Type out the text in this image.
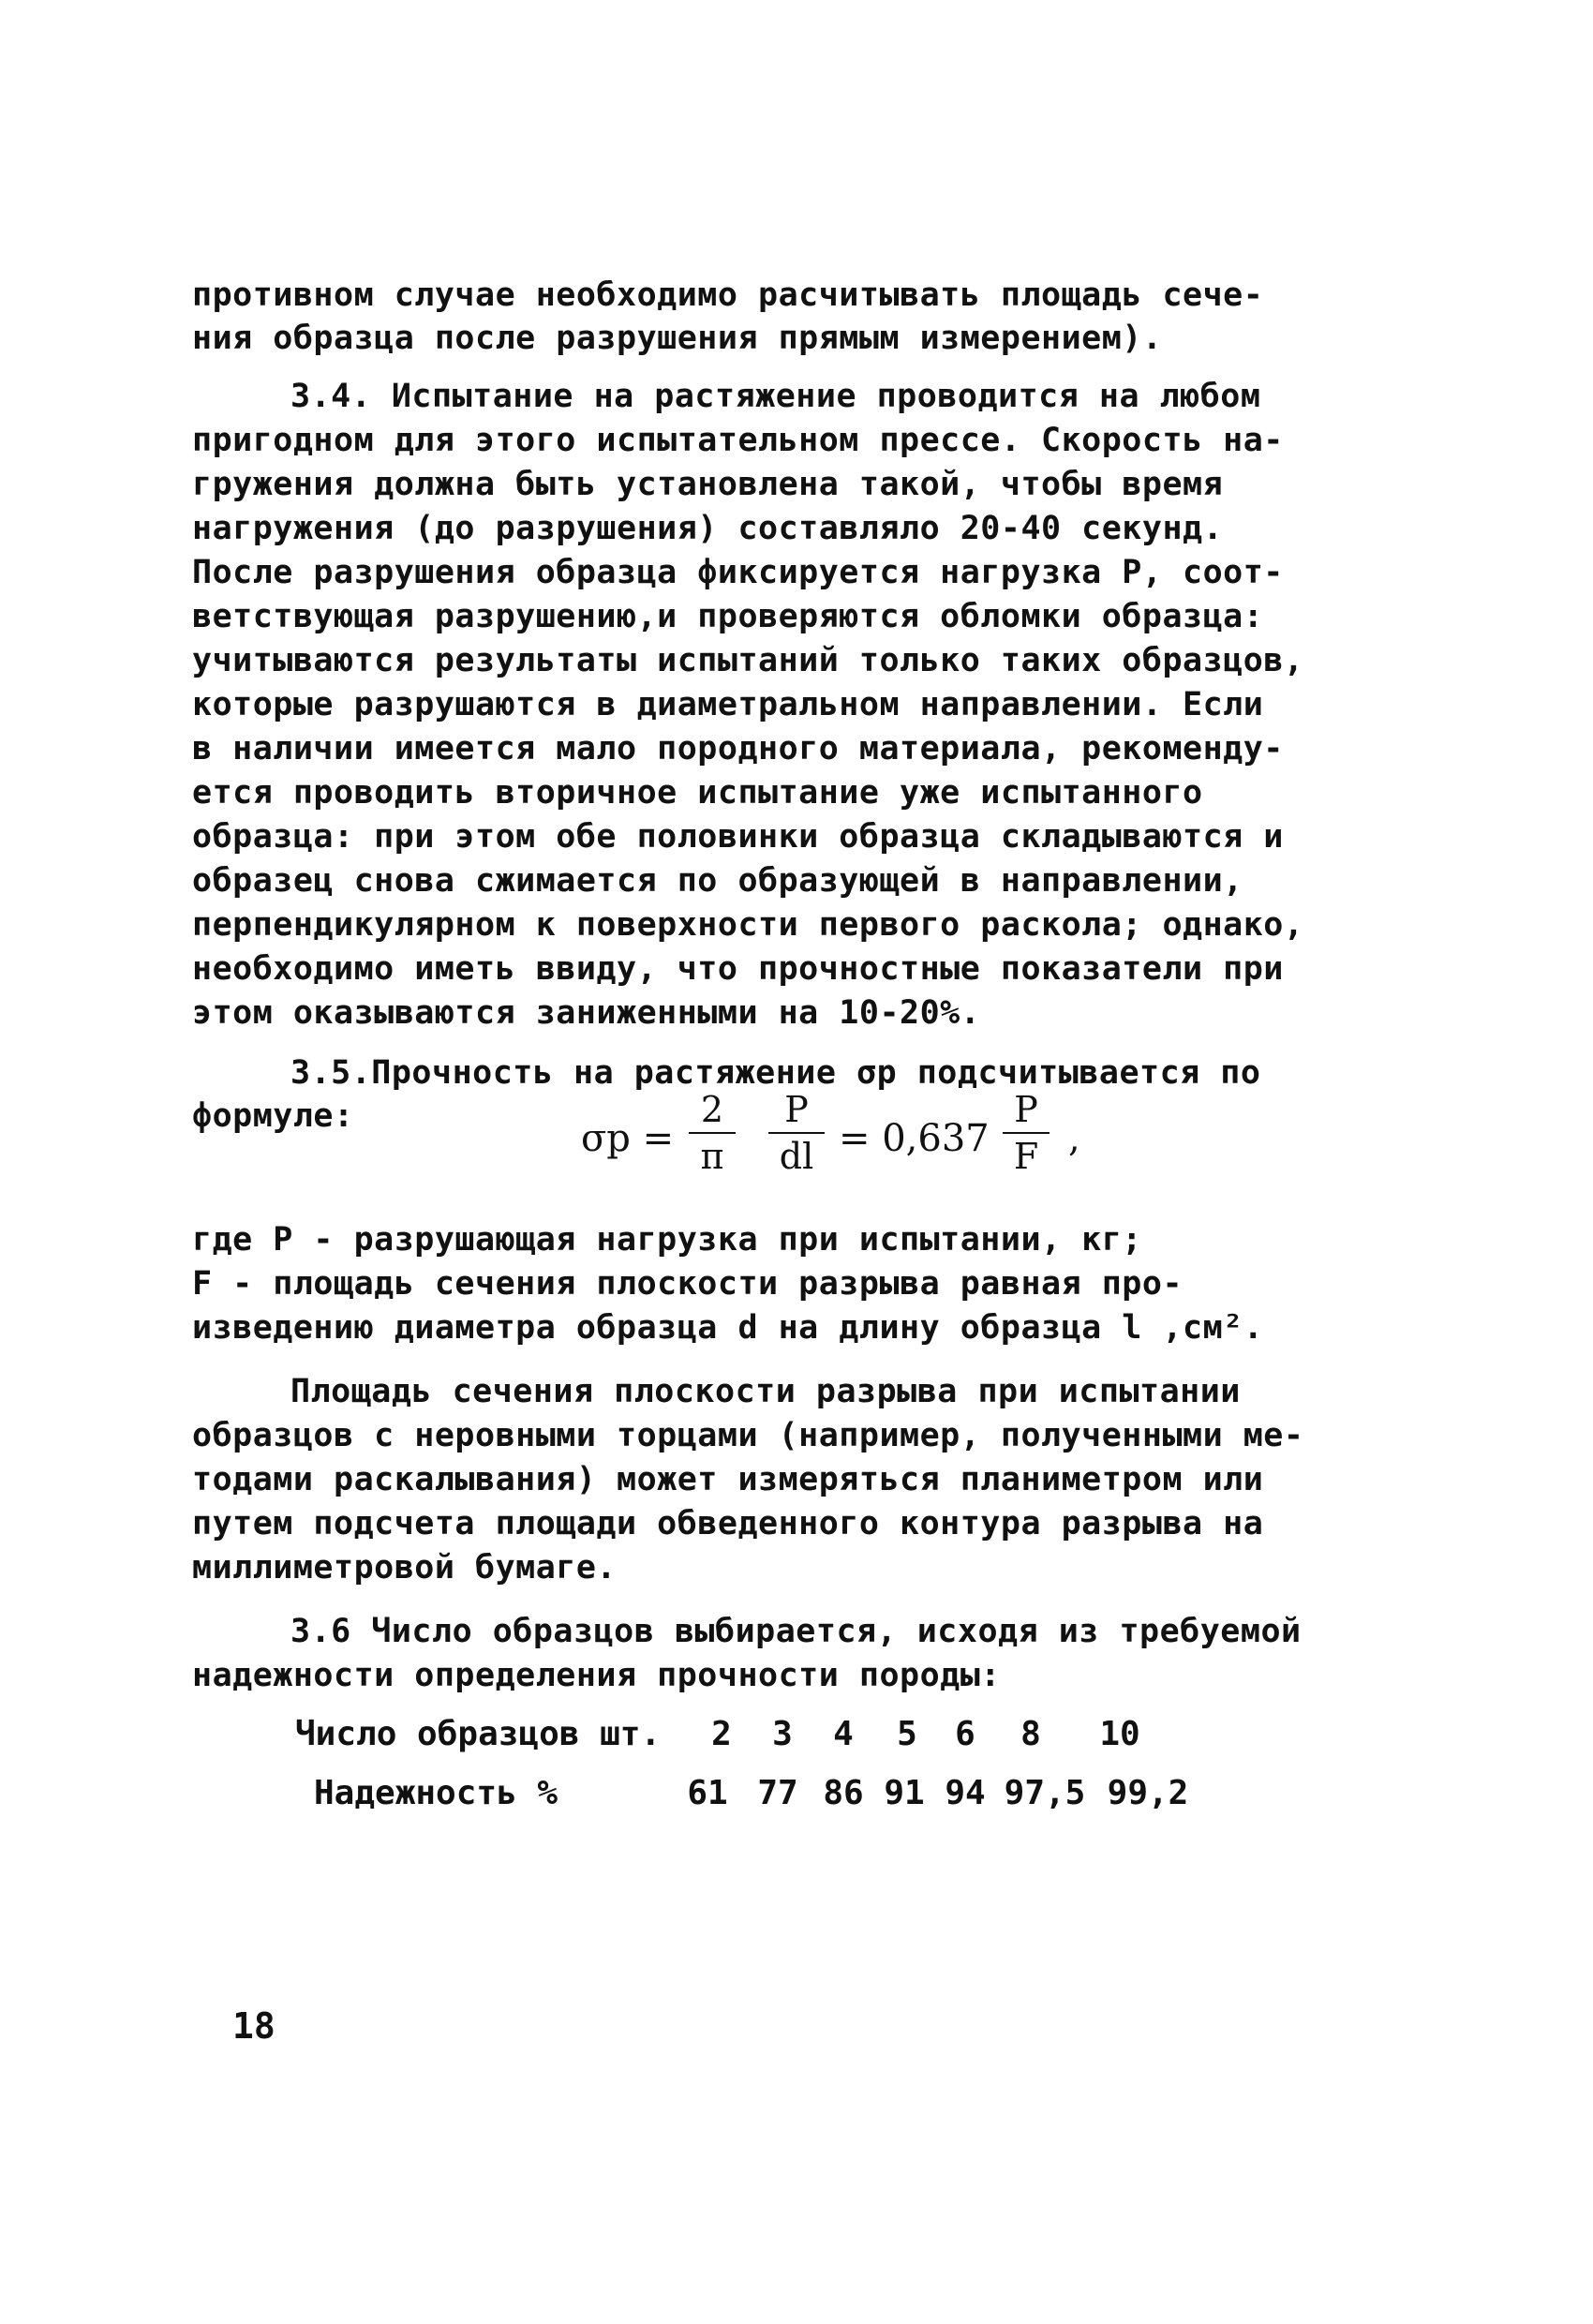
противном случае необходимо расчитывать площадь сече-
ния образца после разрушения прямым измерением).
3.4. Испытание на растяжение проводится на любом
пригодном для этого испытательном прессе. Скорость на-
гружения должна быть установлена такой, чтобы время
нагружения (до разрушения) составляло 20-40 секунд.
После разрушения образца фиксируется нагрузка Р, соот-
ветствующая разрушению,и проверяются обломки образца:
учитываются результаты испытаний только таких образцов,
которые разрушаются в диаметральном направлении. Если
в наличии имеется мало породного материала, рекоменду-
ется проводить вторичное испытание уже испытанного
образца: при этом обе половинки образца складываются и
образец снова сжимается по образующей в направлении,
перпендикулярном к поверхности первого раскола; однако,
необходимо иметь ввиду, что прочностные показатели при
этом оказываются заниженными на 10-20%.
3.5.Прочность на растяжение σр подсчитывается по
формуле:
σр =
2
π
P
dl = 0,637
P
F ,
где Р - разрушающая нагрузка при испытании, кг;
F - площадь сечения плоскости разрыва равная про-
изведению диаметра образца d на длину образца l ,см².
Площадь сечения плоскости разрыва при испытании
образцов с неровными торцами (например, полученными ме-
тодами раскалывания) может измеряться планиметром или
путем подсчета площади обведенного контура разрыва на
миллиметровой бумаге.
3.6 Число образцов выбирается, исходя из требуемой
надежности определения прочности породы:
Число образцов шт. 2 3 4 5 6 8	10
Надежность %	61 77 86 91 94 97,5 99,2
18
